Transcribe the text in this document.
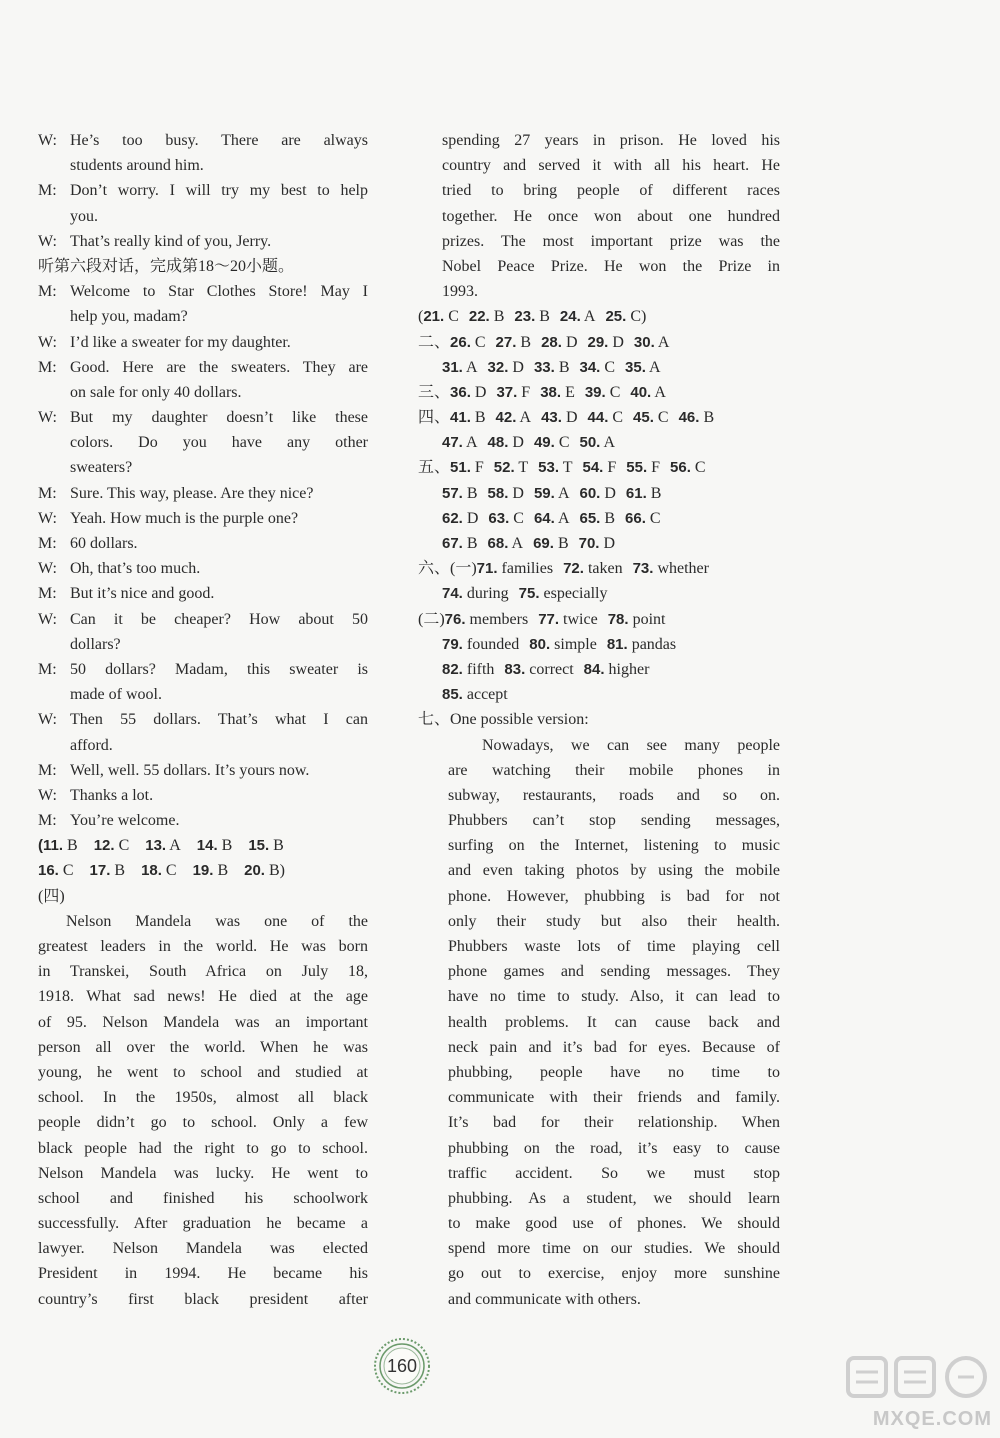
W: He’s too busy. There are always
students around him.
M: Don’t worry. I will try my best to help
you.
W: That’s really kind of you, Jerry.
听第六段对话，完成第18～20小题。
M: Welcome to Star Clothes Store! May I
help you, madam?
W: I’d like a sweater for my daughter.
M: Good. Here are the sweaters. They are
on sale for only 40 dollars.
W: But my daughter doesn’t like these
colors. Do you have any other
sweaters?
M: Sure. This way, please. Are they nice?
W: Yeah. How much is the purple one?
M: 60 dollars.
W: Oh, that’s too much.
M: But it’s nice and good.
W: Can it be cheaper? How about 50
dollars?
M: 50 dollars? Madam, this sweater is
made of wool.
W: Then 55 dollars. That’s what I can
afford.
M: Well, well. 55 dollars. It’s yours now.
W: Thanks a lot.
M: You’re welcome.
(11. B 12. C 13. A 14. B 15. B
16. C 17. B 18. C 19. B 20. B)
(四)
Nelson Mandela was one of the
greatest leaders in the world. He was born
in Transkei, South Africa on July 18,
1918. What sad news! He died at the age
of 95. Nelson Mandela was an important
person all over the world. When he was
young, he went to school and studied at
school. In the 1950s, almost all black
people didn’t go to school. Only a few
black people had the right to go to school.
Nelson Mandela was lucky. He went to
school and finished his schoolwork
successfully. After graduation he became a
lawyer. Nelson Mandela was elected
President in 1994. He became his
country’s first black president after
spending 27 years in prison. He loved his
country and served it with all his heart. He
tried to bring people of different races
together. He once won about one hundred
prizes. The most important prize was the
Nobel Peace Prize. He won the Prize in
1993.
(21. C 22. B 23. B 24. A 25. C)
二、26. C 27. B 28. D 29. D 30. A
31. A 32. D 33. B 34. C 35. A
三、36. D 37. F 38. E 39. C 40. A
四、41. B 42. A 43. D 44. C 45. C 46. B
47. A 48. D 49. C 50. A
五、51. F 52. T 53. T 54. F 55. F 56. C
57. B 58. D 59. A 60. D 61. B
62. D 63. C 64. A 65. B 66. C
67. B 68. A 69. B 70. D
六、(一)71. families 72. taken 73. whether
74. during 75. especially
(二)76. members 77. twice 78. point
79. founded 80. simple 81. pandas
82. fifth 83. correct 84. higher
85. accept
七、One possible version:
Nowadays, we can see many people
are watching their mobile phones in
subway, restaurants, roads and so on.
Phubbers can’t stop sending messages,
surfing on the Internet, listening to music
and even taking photos by using the mobile
phone. However, phubbing is bad for not
only their study but also their health.
Phubbers waste lots of time playing cell
phone games and sending messages. They
have no time to study. Also, it can lead to
health problems. It can cause back and
neck pain and it’s bad for eyes. Because of
phubbing, people have no time to
communicate with their friends and family.
It’s bad for their relationship. When
phubbing on the road, it’s easy to cause
traffic accident. So we must stop
phubbing. As a student, we should learn
to make good use of phones. We should
spend more time on our studies. We should
go out to exercise, enjoy more sunshine
and communicate with others.
160
MXQE.COM
